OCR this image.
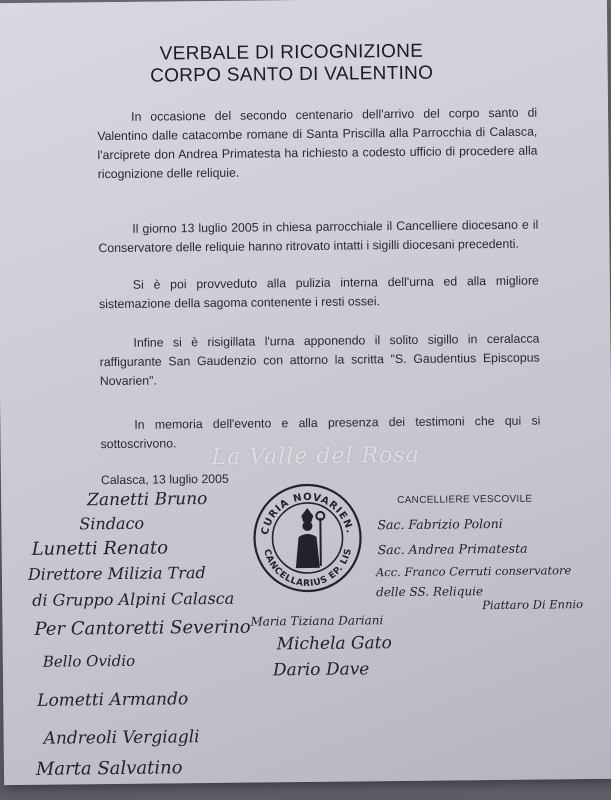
VERBALE DI RICOGNIZIONE
CORPO SANTO DI VALENTINO

In occasione del secondo centenario dell'arrivo del corpo santo di Valentino dalle catacombe romane di Santa Priscilla alla Parrocchia di Calasca, l'arciprete don Andrea Primatesta ha richiesto a codesto ufficio di procedere alla ricognizione delle reliquie.

Il giorno 13 luglio 2005 in chiesa parrocchiale il Cancelliere diocesano e il Conservatore delle reliquie hanno ritrovato intatti i sigilli diocesani precedenti.

Si è poi provveduto alla pulizia interna dell'urna ed alla migliore sistemazione della sagoma contenente i resti ossei.

Infine si è risigillata l'urna apponendo il solito sigillo in ceralacca raffigurante San Gaudenzio con attorno la scritta "S. Gaudentius Episcopus Novarien".

In memoria dell'evento e alla presenza dei testimoni che qui si sottoscrivono.	La Valle del Rosa
Calasca, 13 luglio 2005
CANCELLIERE VESCOVILE
CURIA NOVARIEN.
CANCELLARIUS EP. LIS
Zanetti Bruno
Sindaco
Lunetti Renato
Direttore Milizia Trad
di Gruppo Alpini Calasca
Per Cantoretti Severino
Bello Ovidio
Lometti Armando
Andreoli Vergiagli
Marta Salvatino
Maria Tiziana Dariani
Michela Gato
Dario Dave
Sac. Fabrizio Poloni
Sac. Andrea Primatesta
Acc. Franco Cerruti conservatore
delle SS. Reliquie
Piattaro Di Ennio
